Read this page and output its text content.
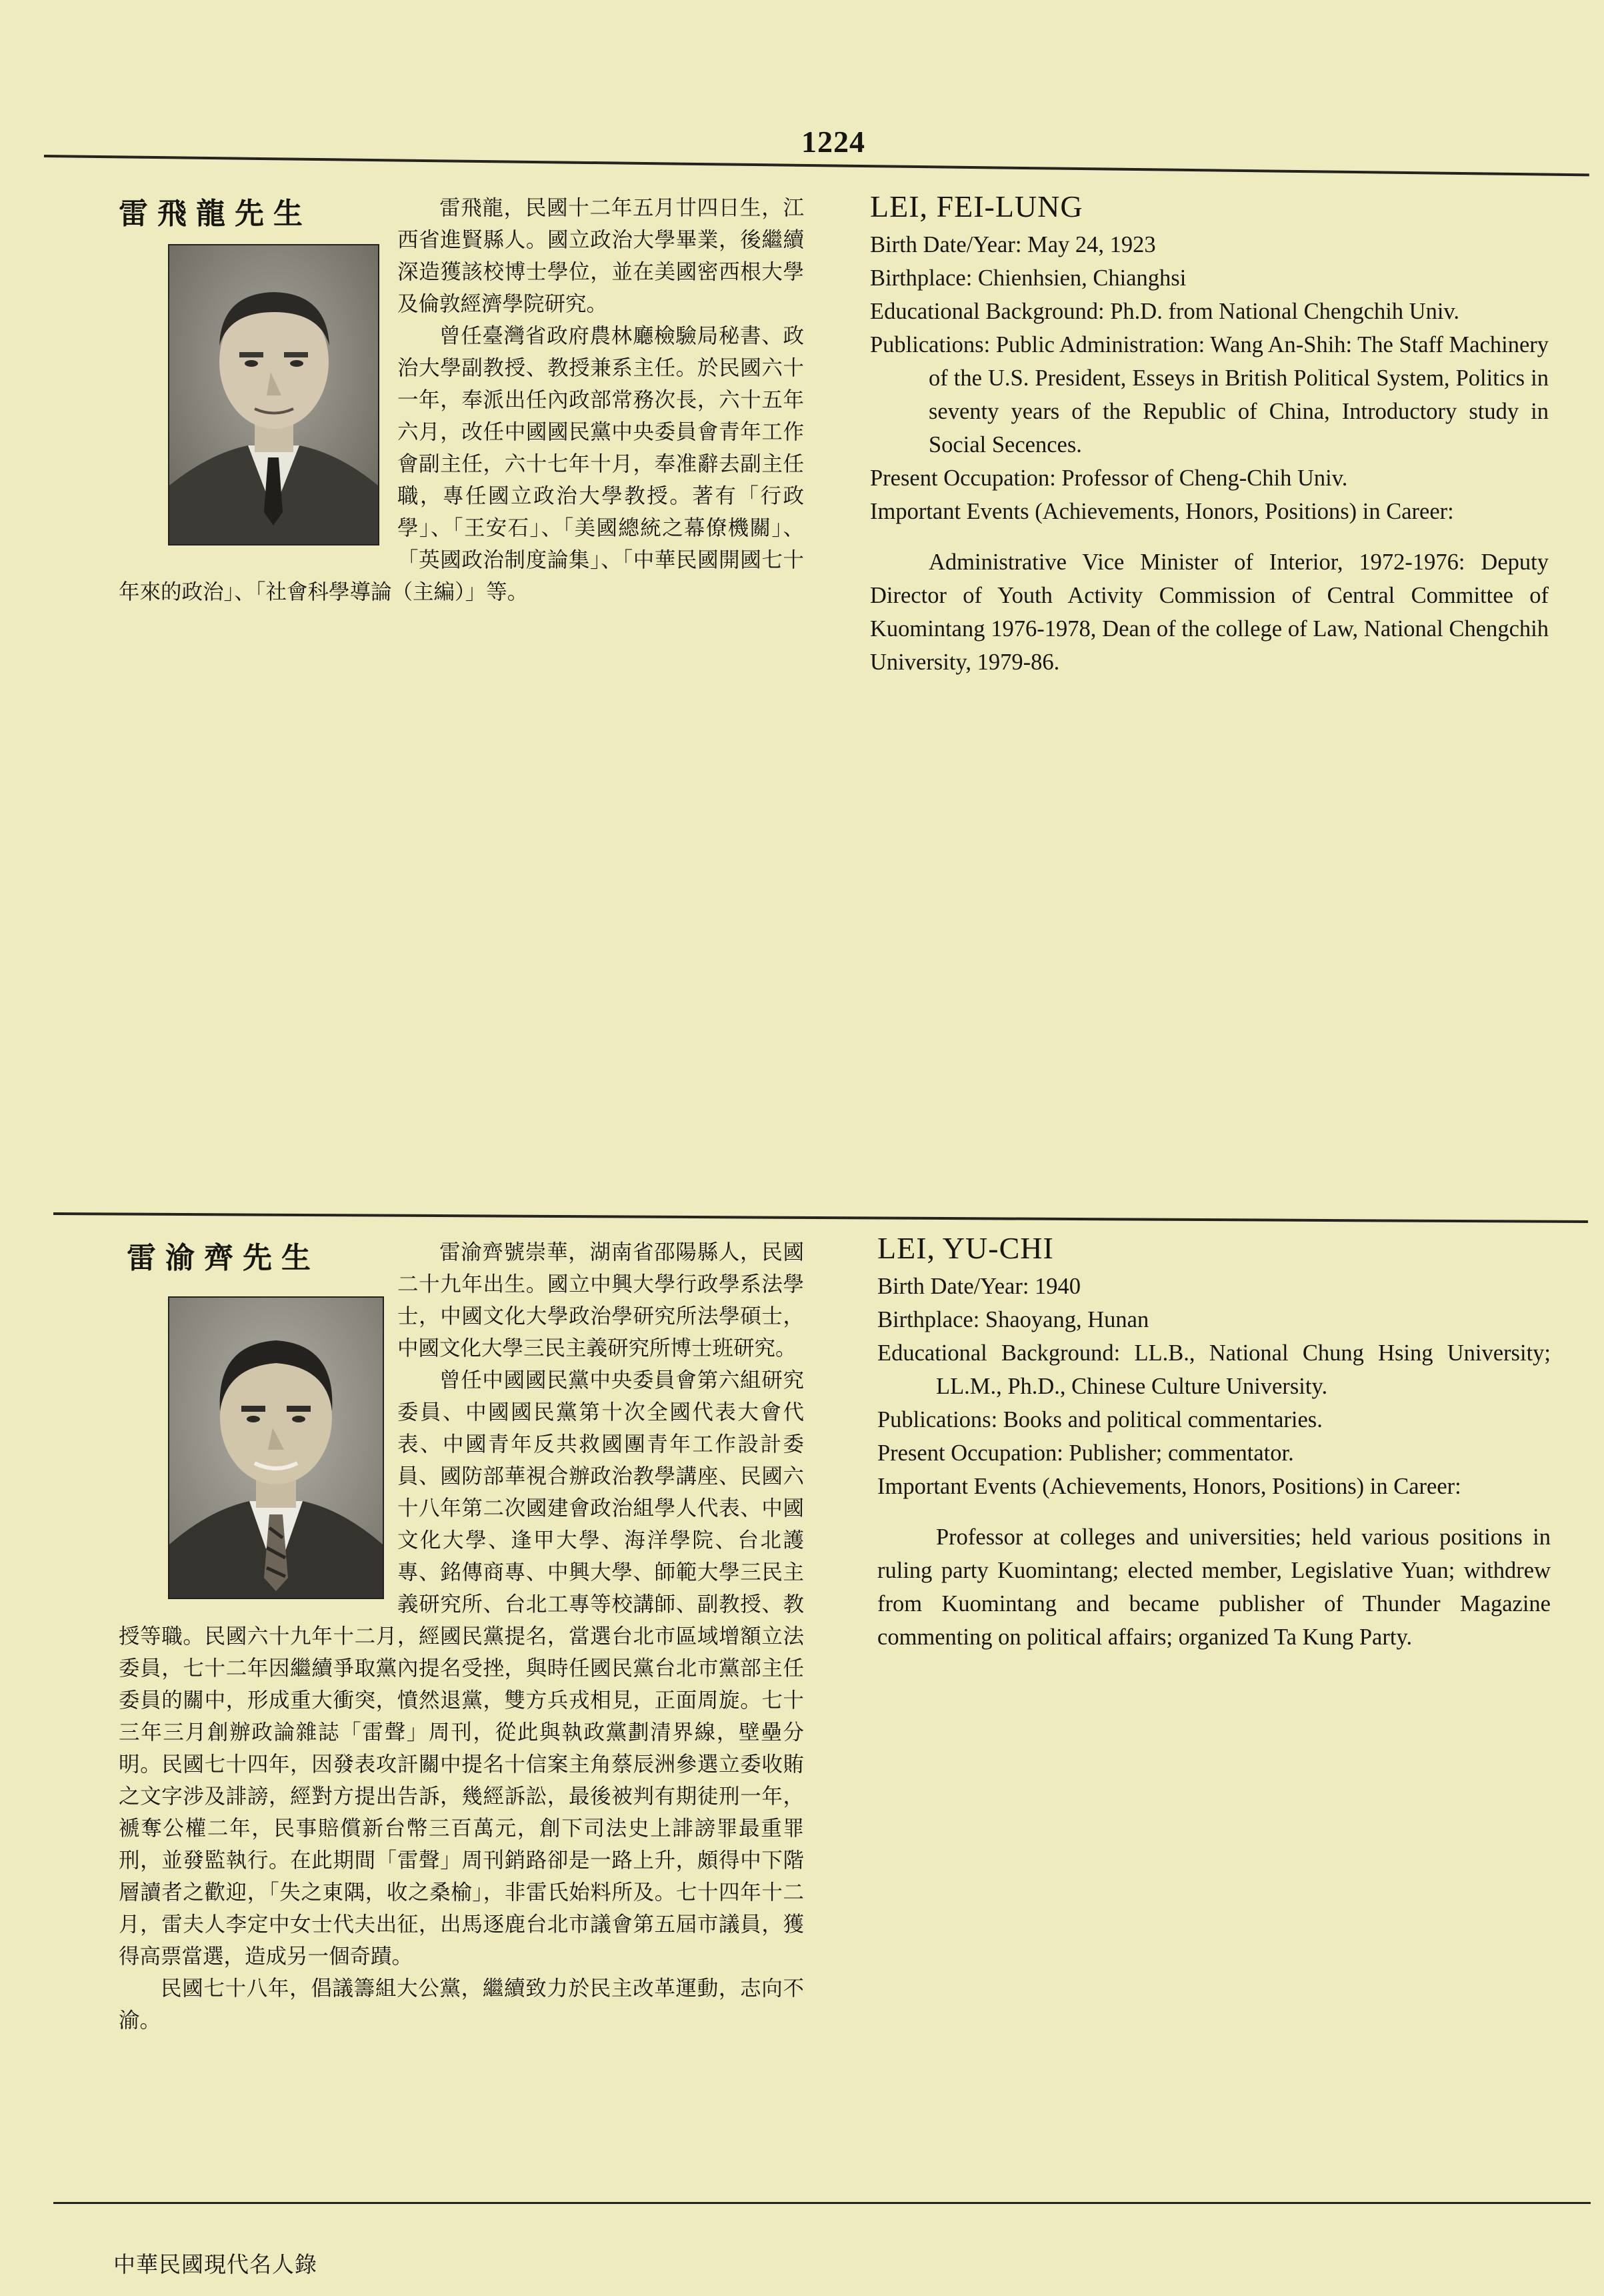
1224
雷飛龍先生	雷飛龍，民國十二年五月廿四日生，江西省進賢縣人。國立政治大學畢業，後繼續深造獲該校博士學位，並在美國密西根大學及倫敦經濟學院研究。

曾任臺灣省政府農林廳檢驗局秘書、政治大學副教授、教授兼系主任。於民國六十一年，奉派出任內政部常務次長，六十五年六月，改任中國國民黨中央委員會青年工作會副主任，六十七年十月，奉准辭去副主任職，專任國立政治大學教授。著有「行政學」、「王安石」、「美國總統之幕僚機關」、「英國政治制度論集」、「中華民國開國七十年來的政治」、「社會科學導論（主編）」等。

LEI, FEI-LUNG

Birth Date/Year: May 24, 1923

Birthplace: Chienhsien, Chianghsi

Educational Background: Ph.D. from National Chengchih Univ.

Publications: Public Administration: Wang An-Shih: The Staff Machinery of the U.S. President, Esseys in British Political System, Politics in seventy years of the Republic of China, Introductory study in Social Secences.

Present Occupation: Professor of Cheng-Chih Univ.

Important Events (Achievements, Honors, Positions) in Career:

Administrative Vice Minister of Interior, 1972-1976: Deputy Director of Youth Activity Commission of Central Committee of Kuomintang 1976-1978, Dean of the college of Law, National Chengchih University, 1979-86.

雷渝齊先生	雷渝齊號崇華，湖南省邵陽縣人，民國二十九年出生。國立中興大學行政學系法學士，中國文化大學政治學研究所法學碩士，中國文化大學三民主義研究所博士班研究。

曾任中國國民黨中央委員會第六組研究委員、中國國民黨第十次全國代表大會代表、中國青年反共救國團青年工作設計委員、國防部華視合辦政治教學講座、民國六十八年第二次國建會政治組學人代表、中國文化大學、逢甲大學、海洋學院、台北護專、銘傳商專、中興大學、師範大學三民主義研究所、台北工專等校講師、副教授、教授等職。民國六十九年十二月，經國民黨提名，當選台北市區域增額立法委員，七十二年因繼續爭取黨內提名受挫，與時任國民黨台北市黨部主任委員的關中，形成重大衝突，憤然退黨，雙方兵戎相見，正面周旋。七十三年三月創辦政論雜誌「雷聲」周刊，從此與執政黨劃清界線，壁壘分明。民國七十四年，因發表攻訐關中提名十信案主角蔡辰洲參選立委收賄之文字涉及誹謗，經對方提出告訴，幾經訴訟，最後被判有期徒刑一年，褫奪公權二年，民事賠償新台幣三百萬元，創下司法史上誹謗罪最重罪刑，並發監執行。在此期間「雷聲」周刊銷路卻是一路上升，頗得中下階層讀者之歡迎，「失之東隅，收之桑榆」，非雷氏始料所及。七十四年十二月，雷夫人李定中女士代夫出征，出馬逐鹿台北市議會第五屆市議員，獲得高票當選，造成另一個奇蹟。

民國七十八年，倡議籌組大公黨，繼續致力於民主改革運動，志向不渝。

LEI, YU-CHI

Birth Date/Year: 1940

Birthplace: Shaoyang, Hunan

Educational Background: LL.B., National Chung Hsing University; LL.M., Ph.D., Chinese Culture University.

Publications: Books and political commentaries.

Present Occupation: Publisher; commentator.

Important Events (Achievements, Honors, Positions) in Career:

Professor at colleges and universities; held various positions in ruling party Kuomintang; elected member, Legislative Yuan; withdrew from Kuomintang and became publisher of Thunder Magazine commenting on political affairs; organized Ta Kung Party.

中華民國現代名人錄
